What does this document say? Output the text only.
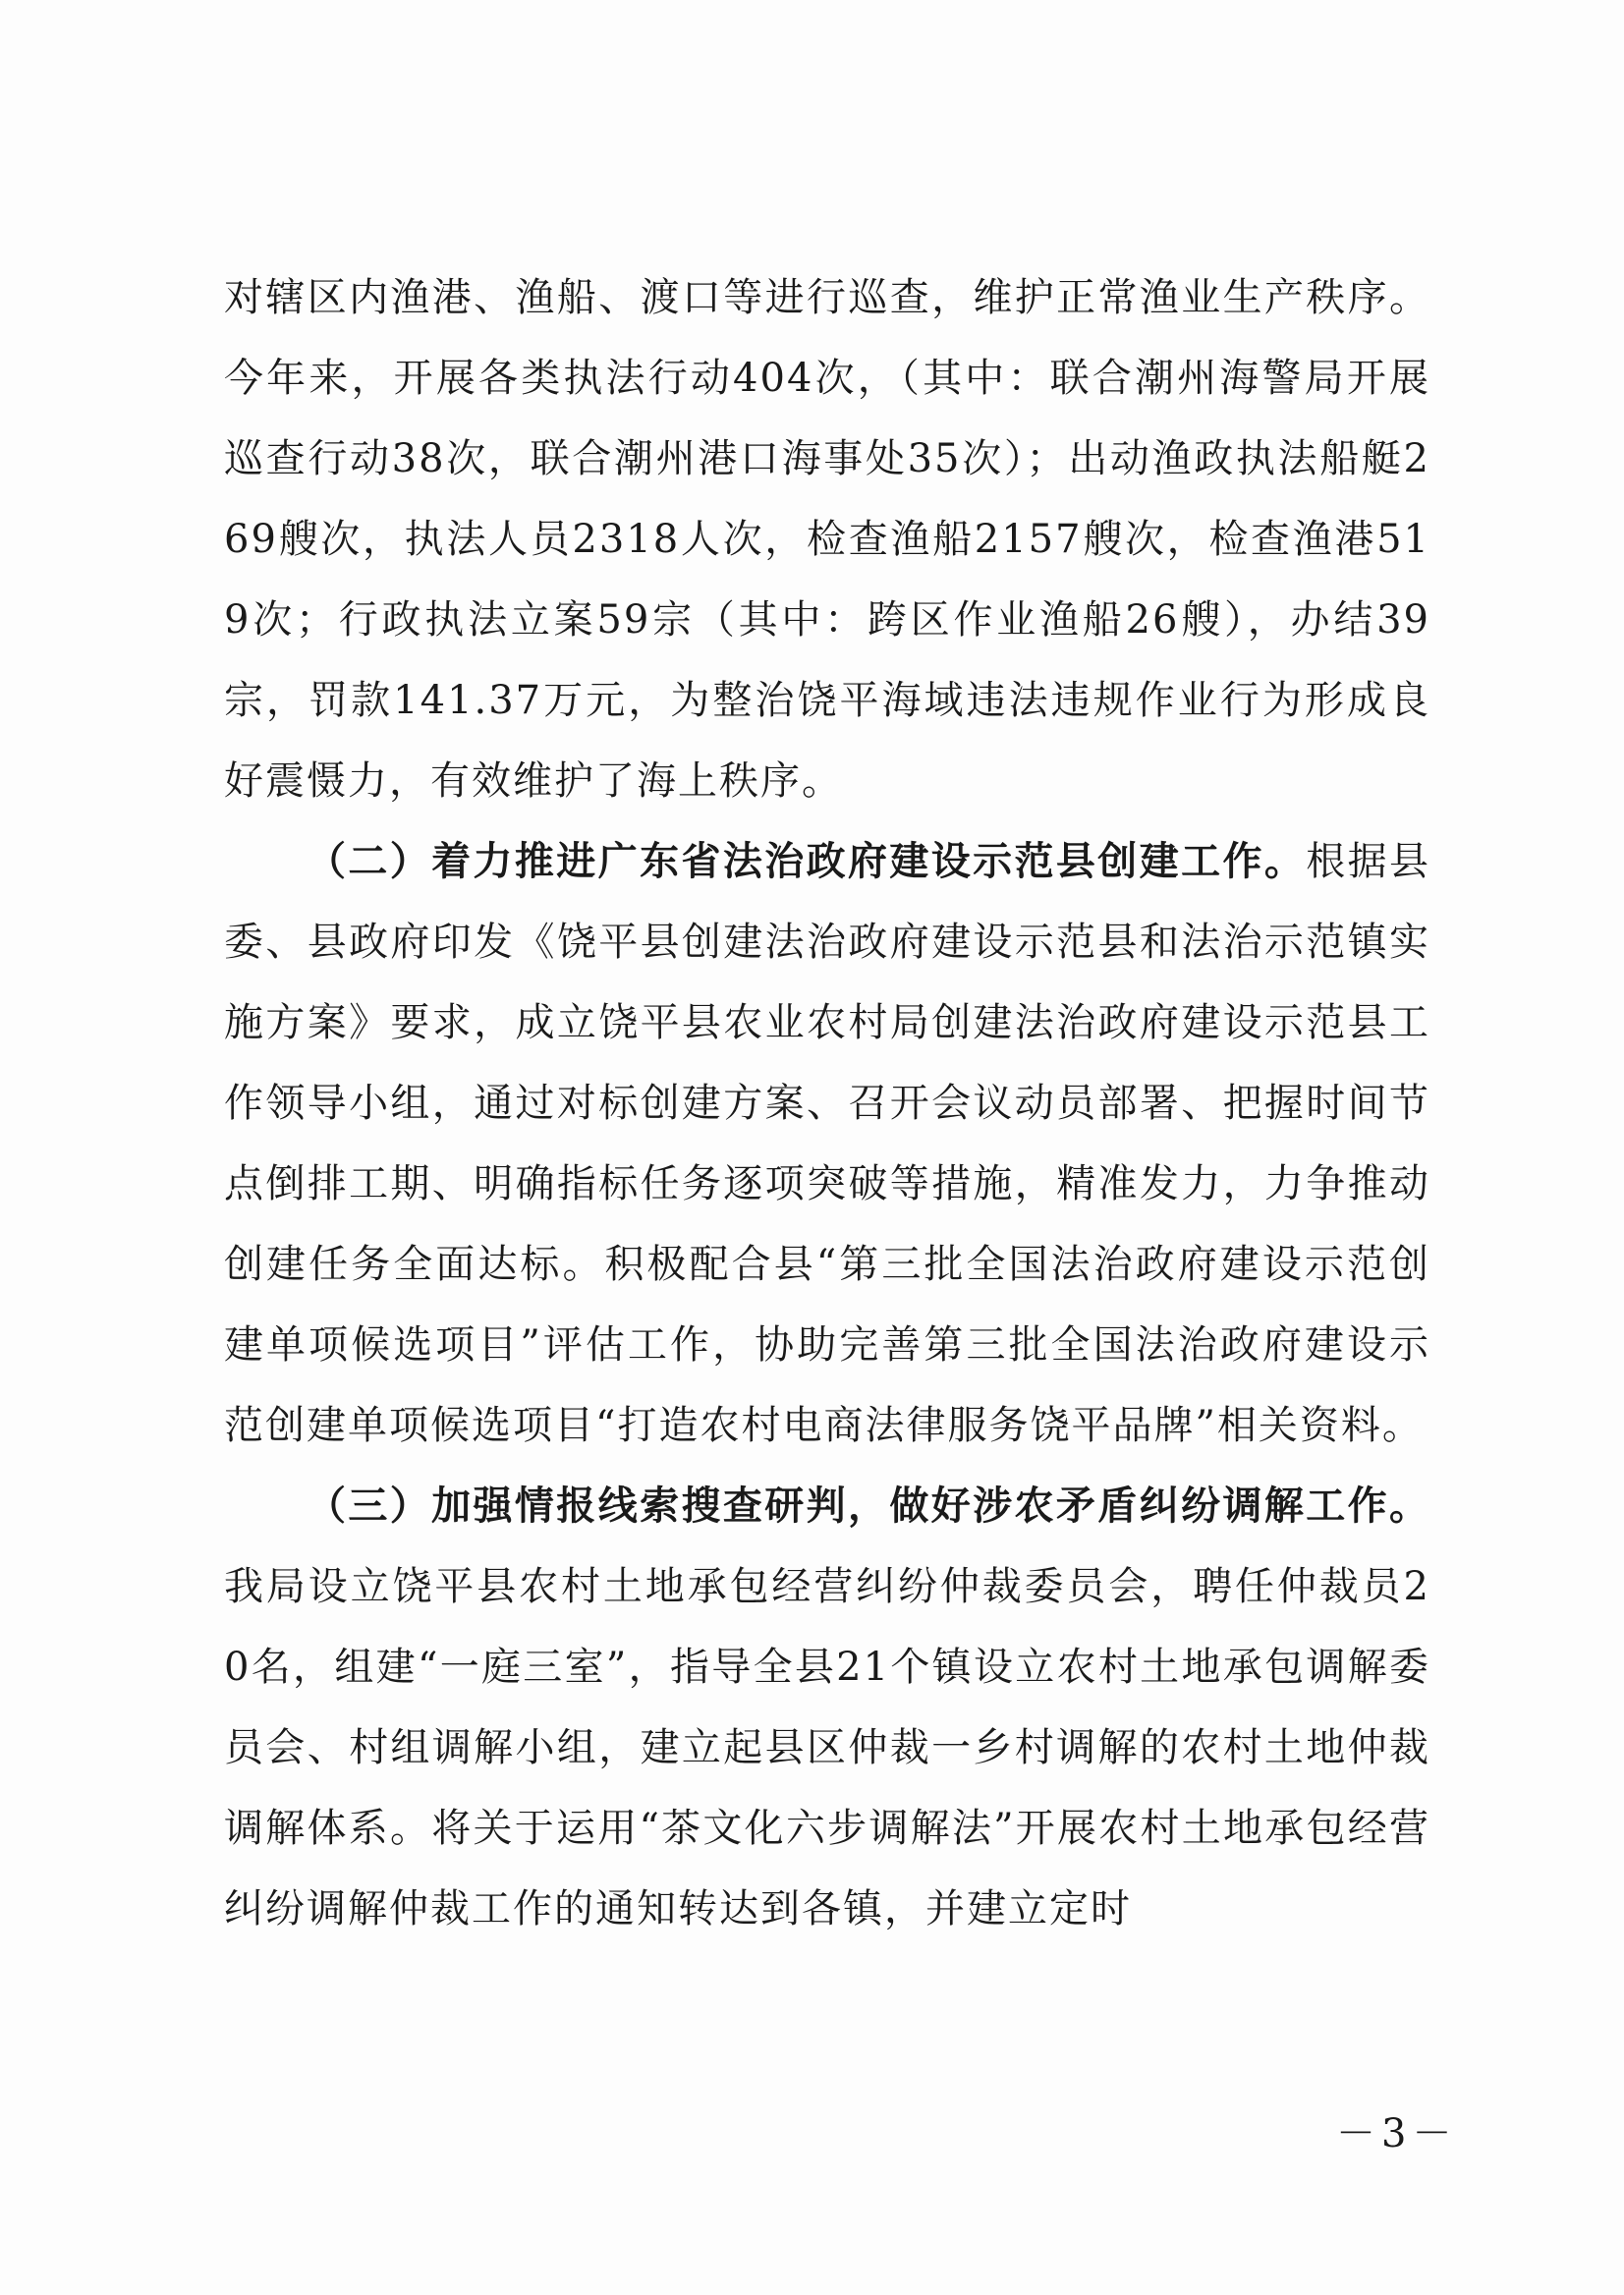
对辖区内渔港、渔船、渡口等进行巡查，维护正常渔业生产秩序。今年来，开展各类执法行动404次，（其中：联合潮州海警局开展巡查行动38次，联合潮州港口海事处35次）；出动渔政执法船艇269艘次，执法人员2318人次，检查渔船2157艘次，检查渔港519次；行政执法立案59宗（其中：跨区作业渔船26艘），办结39宗，罚款141.37万元，为整治饶平海域违法违规作业行为形成良好震慑力，有效维护了海上秩序。

（二）着力推进广东省法治政府建设示范县创建工作。根据县委、县政府印发《饶平县创建法治政府建设示范县和法治示范镇实施方案》要求，成立饶平县农业农村局创建法治政府建设示范县工作领导小组，通过对标创建方案、召开会议动员部署、把握时间节点倒排工期、明确指标任务逐项突破等措施，精准发力，力争推动创建任务全面达标。积极配合县“第三批全国法治政府建设示范创建单项候选项目”评估工作，协助完善第三批全国法治政府建设示范创建单项候选项目“打造农村电商法律服务饶平品牌”相关资料。

（三）加强情报线索搜查研判，做好涉农矛盾纠纷调解工作。我局设立饶平县农村土地承包经营纠纷仲裁委员会，聘任仲裁员20名，组建“一庭三室”，指导全县21个镇设立农村土地承包调解委员会、村组调解小组，建立起县区仲裁一乡村调解的农村土地仲裁调解体系。将关于运用“茶文化六步调解法”开展农村土地承包经营纠纷调解仲裁工作的通知转达到各镇，并建立定时

－3－
